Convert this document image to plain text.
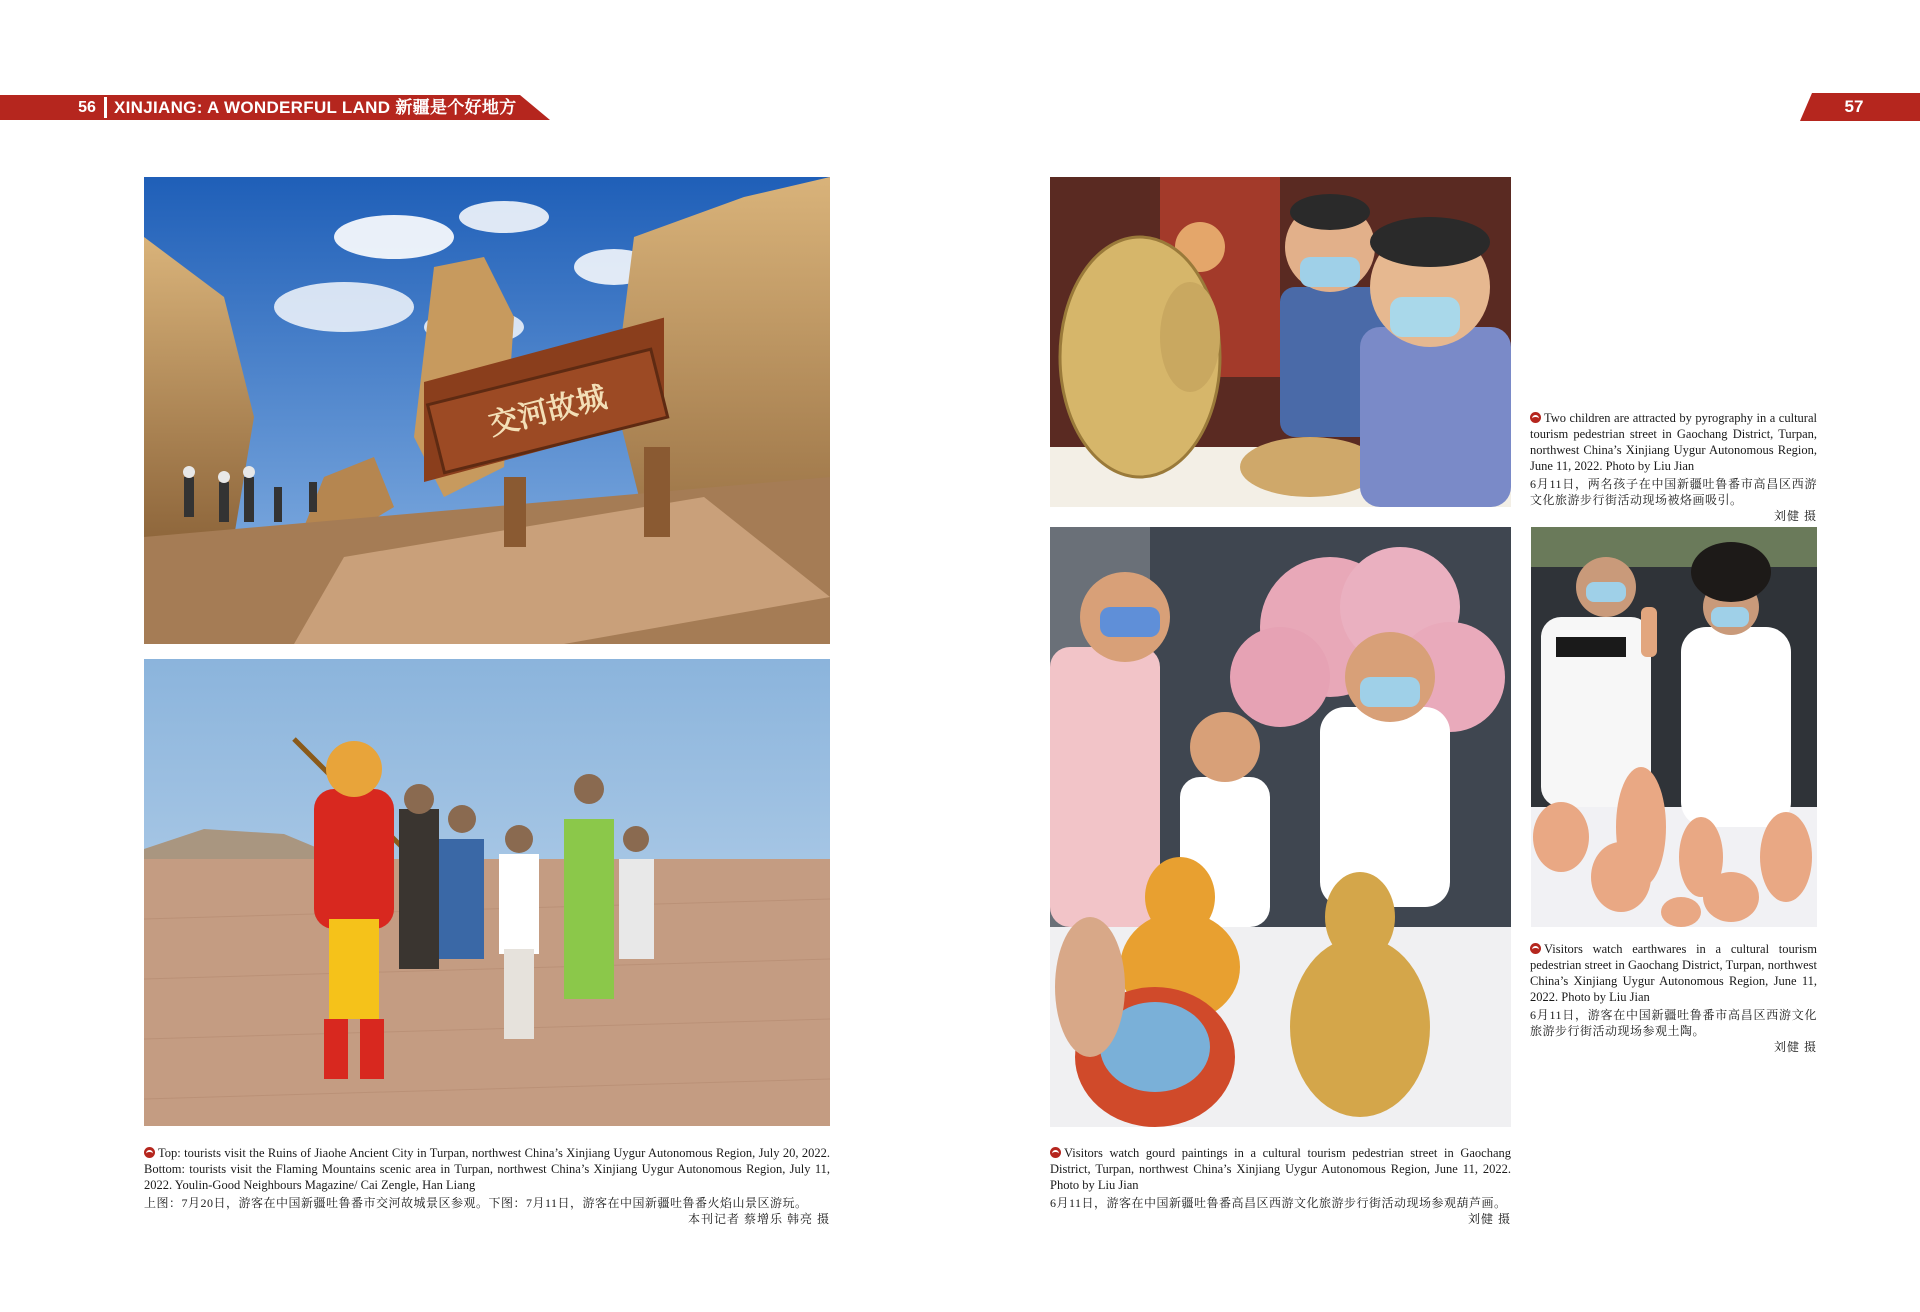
56	XINJIANG: A WONDERFUL LAND 新疆是个好地方	57
交河故城
Top: tourists visit the Ruins of Jiaohe Ancient City in Turpan, northwest China’s Xinjiang Uygur Autonomous Region, July 20, 2022. Bottom: tourists visit the Flaming Mountains scenic area in Turpan, northwest China’s Xinjiang Uygur Autonomous Region, July 11, 2022. Youlin-Good Neighbours Magazine/ Cai Zengle, Han Liang
上图：7月20日，游客在中国新疆吐鲁番市交河故城景区参观。下图：7月11日，游客在中国新疆吐鲁番火焰山景区游玩。
本刊记者 蔡增乐 韩亮 摄
Two children are attracted by pyrography in a cultural tourism pedestrian street in Gaochang District, Turpan, northwest China’s Xinjiang Uygur Autonomous Region, June 11, 2022. Photo by Liu Jian
6月11日，两名孩子在中国新疆吐鲁番市高昌区西游文化旅游步行街活动现场被烙画吸引。
刘健 摄
Visitors watch gourd paintings in a cultural tourism pedestrian street in Gaochang District, Turpan, northwest China’s Xinjiang Uygur Autonomous Region, June 11, 2022. Photo by Liu Jian
6月11日，游客在中国新疆吐鲁番高昌区西游文化旅游步行街活动现场参观葫芦画。
刘健 摄
Visitors watch earthwares in a cultural tourism pedestrian street in Gaochang District, Turpan, northwest China’s Xinjiang Uygur Autonomous Region, June 11, 2022. Photo by Liu Jian
6月11日，游客在中国新疆吐鲁番市高昌区西游文化旅游步行街活动现场参观土陶。
刘健 摄
